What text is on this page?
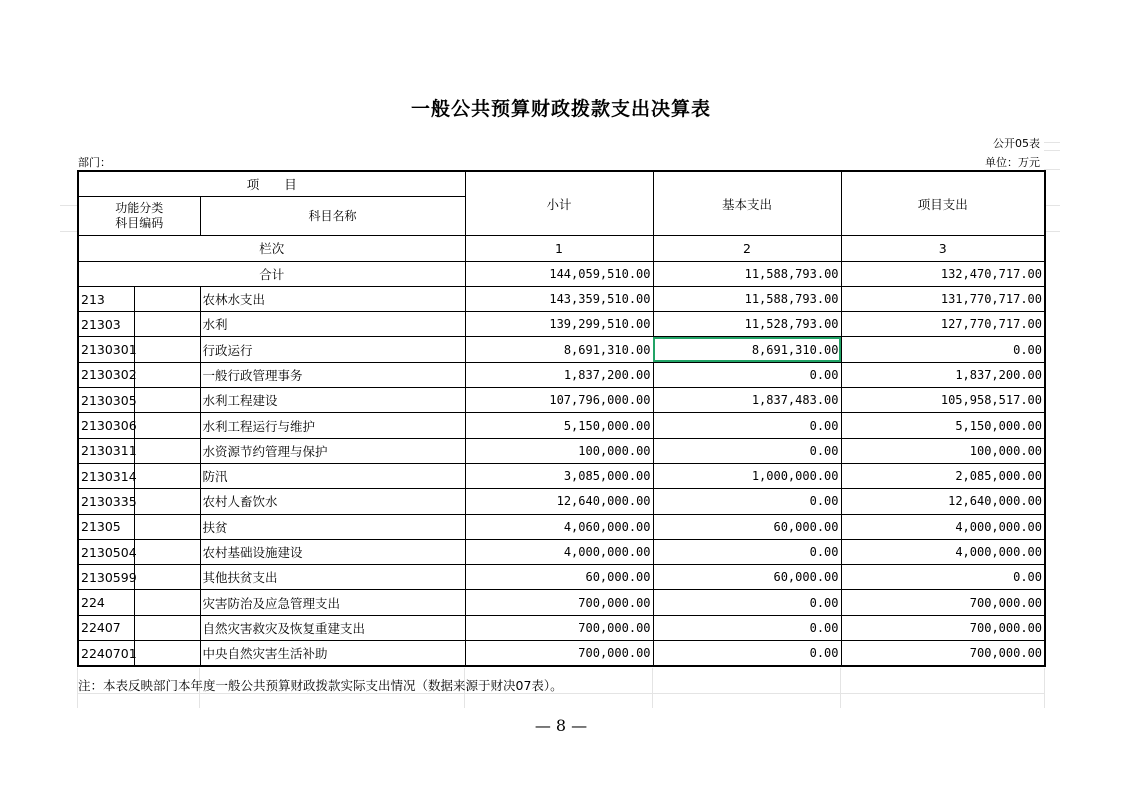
一般公共预算财政拨款支出决算表
公开05表
部门：	单位：万元
项　　目			小计	基本支出	项目支出
功能分类
科目编码		科目名称			
栏次			1	2	3
合计			144,059,510.00	11,588,793.00	132,470,717.00
213		农林水支出	143,359,510.00	11,588,793.00	131,770,717.00
21303		水利	139,299,510.00	11,528,793.00	127,770,717.00
2130301		行政运行	8,691,310.00	8,691,310.00	0.00
2130302		一般行政管理事务	1,837,200.00	0.00	1,837,200.00
2130305		水利工程建设	107,796,000.00	1,837,483.00	105,958,517.00
2130306		水利工程运行与维护	5,150,000.00	0.00	5,150,000.00
2130311		水资源节约管理与保护	100,000.00	0.00	100,000.00
2130314		防汛	3,085,000.00	1,000,000.00	2,085,000.00
2130335		农村人畜饮水	12,640,000.00	0.00	12,640,000.00
21305		扶贫	4,060,000.00	60,000.00	4,000,000.00
2130504		农村基础设施建设	4,000,000.00	0.00	4,000,000.00
2130599		其他扶贫支出	60,000.00	60,000.00	0.00
224		灾害防治及应急管理支出	700,000.00	0.00	700,000.00
22407		自然灾害救灾及恢复重建支出	700,000.00	0.00	700,000.00
2240701		中央自然灾害生活补助	700,000.00	0.00	700,000.00
注：本表反映部门本年度一般公共预算财政拨款实际支出情况（数据来源于财决07表）。
— 8 —
